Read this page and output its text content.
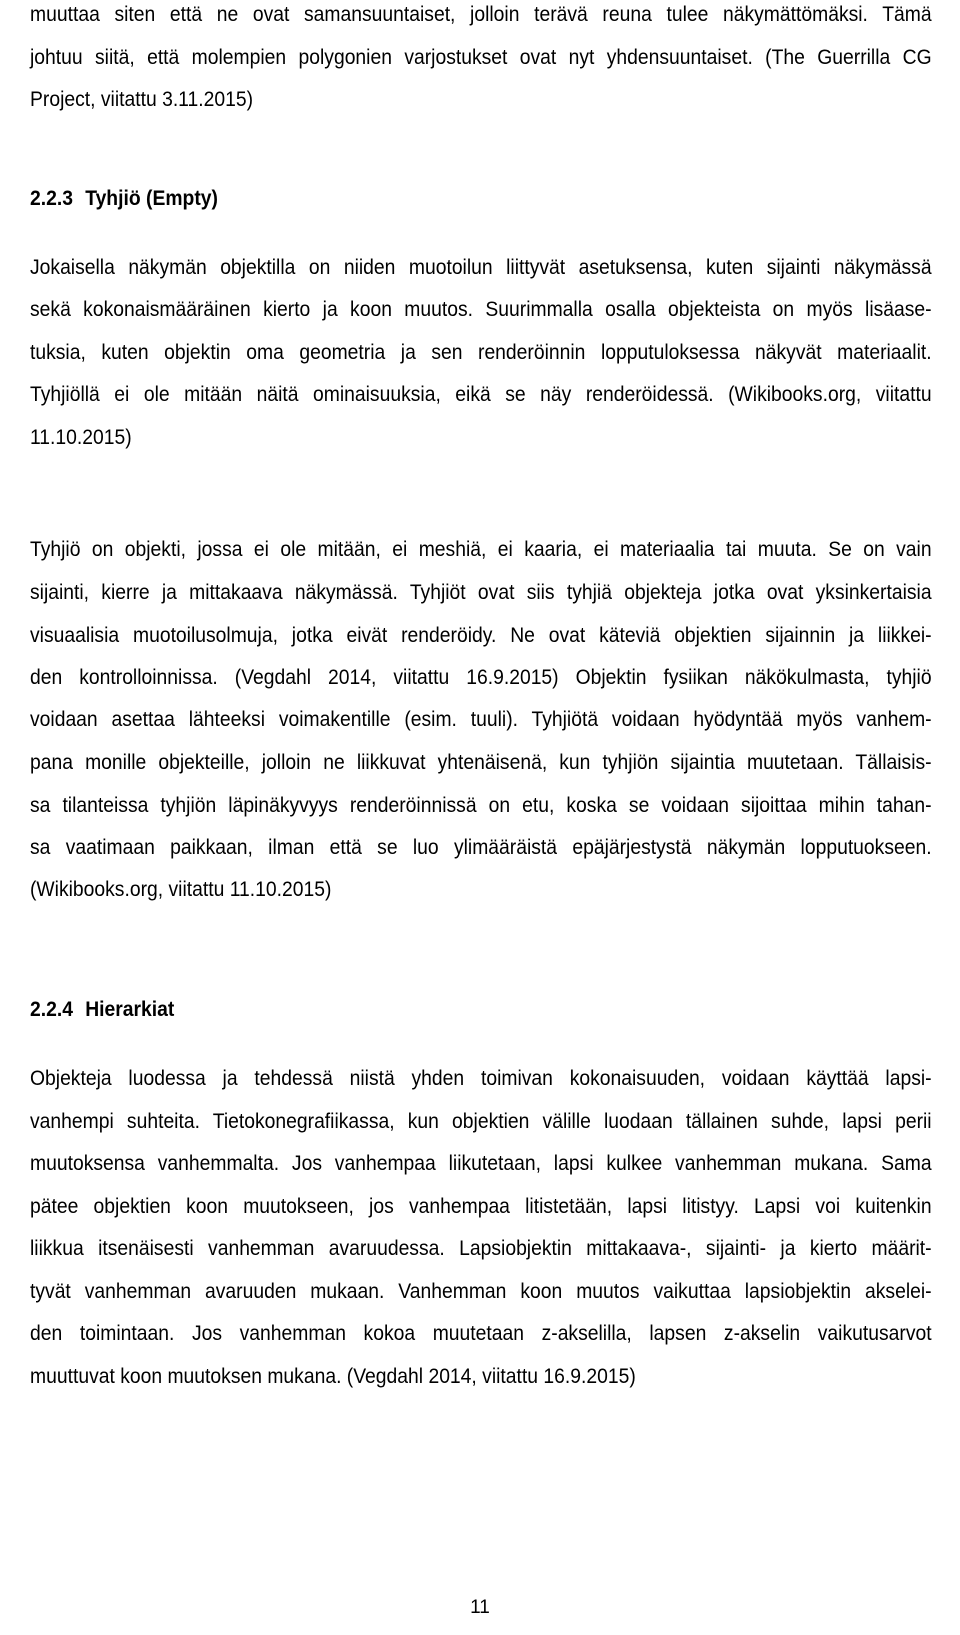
muuttaa siten että ne ovat samansuuntaiset, jolloin terävä reuna tulee näkymättömäksi. Tämä

johtuu siitä, että molempien polygonien varjostukset ovat nyt yhdensuuntaiset. (The Guerrilla CG

Project, viitattu 3.11.2015)

2.2.3 Tyhjiö (Empty)

Jokaisella näkymän objektilla on niiden muotoilun liittyvät asetuksensa, kuten sijainti näkymässä

sekä kokonaismääräinen kierto ja koon muutos. Suurimmalla osalla objekteista on myös lisäase-

tuksia, kuten objektin oma geometria ja sen renderöinnin lopputuloksessa näkyvät materiaalit.

Tyhjiöllä ei ole mitään näitä ominaisuuksia, eikä se näy renderöidessä. (Wikibooks.org, viitattu

11.10.2015)

Tyhjiö on objekti, jossa ei ole mitään, ei meshiä, ei kaaria, ei materiaalia tai muuta. Se on vain

sijainti, kierre ja mittakaava näkymässä. Tyhjiöt ovat siis tyhjiä objekteja jotka ovat yksinkertaisia

visuaalisia muotoilusolmuja, jotka eivät renderöidy. Ne ovat käteviä objektien sijainnin ja liikkei-

den kontrolloinnissa. (Vegdahl 2014, viitattu 16.9.2015) Objektin fysiikan näkökulmasta, tyhjiö

voidaan asettaa lähteeksi voimakentille (esim. tuuli). Tyhjiötä voidaan hyödyntää myös vanhem-

pana monille objekteille, jolloin ne liikkuvat yhtenäisenä, kun tyhjiön sijaintia muutetaan. Tällaisis-

sa tilanteissa tyhjiön läpinäkyvyys renderöinnissä on etu, koska se voidaan sijoittaa mihin tahan-

sa vaatimaan paikkaan, ilman että se luo ylimääräistä epäjärjestystä näkymän lopputuokseen.

(Wikibooks.org, viitattu 11.10.2015)

2.2.4 Hierarkiat

Objekteja luodessa ja tehdessä niistä yhden toimivan kokonaisuuden, voidaan käyttää lapsi-

vanhempi suhteita. Tietokonegrafiikassa, kun objektien välille luodaan tällainen suhde, lapsi perii

muutoksensa vanhemmalta. Jos vanhempaa liikutetaan, lapsi kulkee vanhemman mukana. Sama

pätee objektien koon muutokseen, jos vanhempaa litistetään, lapsi litistyy. Lapsi voi kuitenkin

liikkua itsenäisesti vanhemman avaruudessa. Lapsiobjektin mittakaava-, sijainti- ja kierto määrit-

tyvät vanhemman avaruuden mukaan. Vanhemman koon muutos vaikuttaa lapsiobjektin akselei-

den toimintaan. Jos vanhemman kokoa muutetaan z-akselilla, lapsen z-akselin vaikutusarvot

muuttuvat koon muutoksen mukana. (Vegdahl 2014, viitattu 16.9.2015)

11
